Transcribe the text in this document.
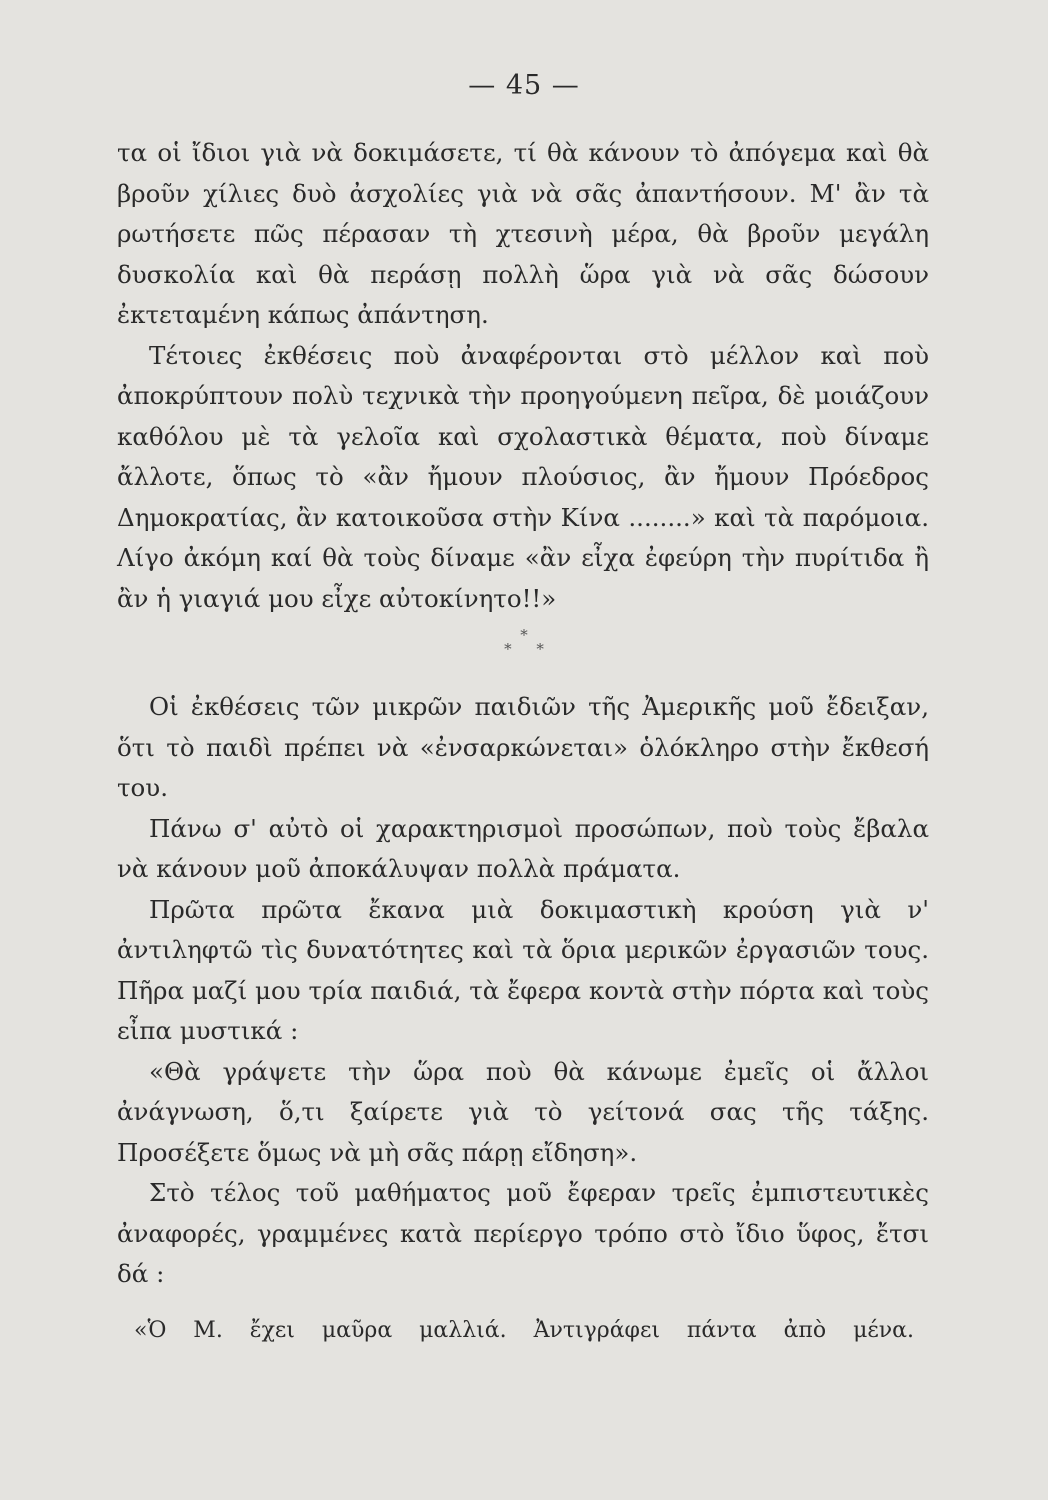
— 45 —

τα οἱ ἴδιοι γιὰ νὰ δοκιμάσετε, τί θὰ κάνουν τὸ ἀπόγεμα καὶ θὰ βροῦν χίλιες δυὸ ἀσχολίες γιὰ νὰ σᾶς ἀπαντήσουν. Μ' ἂν τὰ ρωτήσετε πῶς πέρασαν τὴ χτεσινὴ μέρα, θὰ βροῦν μεγάλη δυσκολία καὶ θὰ περάσῃ πολλὴ ὥρα γιὰ νὰ σᾶς δώσουν ἐκτεταμένη κάπως ἀπάντηση.

Τέτοιες ἐκθέσεις ποὺ ἀναφέρονται στὸ μέλλον καὶ ποὺ ἀποκρύπτουν πολὺ τεχνικὰ τὴν προηγούμενη πεῖρα, δὲ μοιάζουν καθόλου μὲ τὰ γελοῖα καὶ σχολαστικὰ θέματα, ποὺ δίναμε ἄλλοτε, ὅπως τὸ «ἂν ἤμουν πλούσιος, ἂν ἤμουν Πρόεδρος Δημοκρατίας, ἂν κατοικοῦσα στὴν Κίνα ........» καὶ τὰ παρόμοια. Λίγο ἀκόμη καί θὰ τοὺς δίναμε «ἂν εἶχα ἐφεύρη τὴν πυρίτιδα ἢ ἂν ἡ γιαγιά μου εἶχε αὐτοκίνητο!!»

*
* *

Οἱ ἐκθέσεις τῶν μικρῶν παιδιῶν τῆς Ἀμερικῆς μοῦ ἔδειξαν, ὅτι τὸ παιδὶ πρέπει νὰ «ἐνσαρκώνεται» ὁλόκληρο στὴν ἔκθεσή του.

Πάνω σ' αὐτὸ οἱ χαρακτηρισμοὶ προσώπων, ποὺ τοὺς ἔβαλα νὰ κάνουν μοῦ ἀποκάλυψαν πολλὰ πράματα.

Πρῶτα πρῶτα ἔκανα μιὰ δοκιμαστικὴ κρούση γιὰ ν' ἀντιληφτῶ τὶς δυνατότητες καὶ τὰ ὅρια μερικῶν ἐργασιῶν τους. Πῆρα μαζί μου τρία παιδιά, τὰ ἔφερα κοντὰ στὴν πόρτα καὶ τοὺς εἶπα μυστικά :

«Θὰ γράψετε τὴν ὥρα ποὺ θὰ κάνωμε ἐμεῖς οἱ ἄλλοι ἀνάγνωση, ὅ,τι ξαίρετε γιὰ τὸ γείτονά σας τῆς τάξης. Προσέξετε ὅμως νὰ μὴ σᾶς πάρῃ εἴδηση».

Στὸ τέλος τοῦ μαθήματος μοῦ ἔφεραν τρεῖς ἐμπιστευτικὲς ἀναφορές, γραμμένες κατὰ περίεργο τρόπο στὸ ἴδιο ὕφος, ἔτσι δά :

«Ὁ Μ. ἔχει μαῦρα μαλλιά. Ἀντιγράφει πάντα ἀπὸ μένα.
